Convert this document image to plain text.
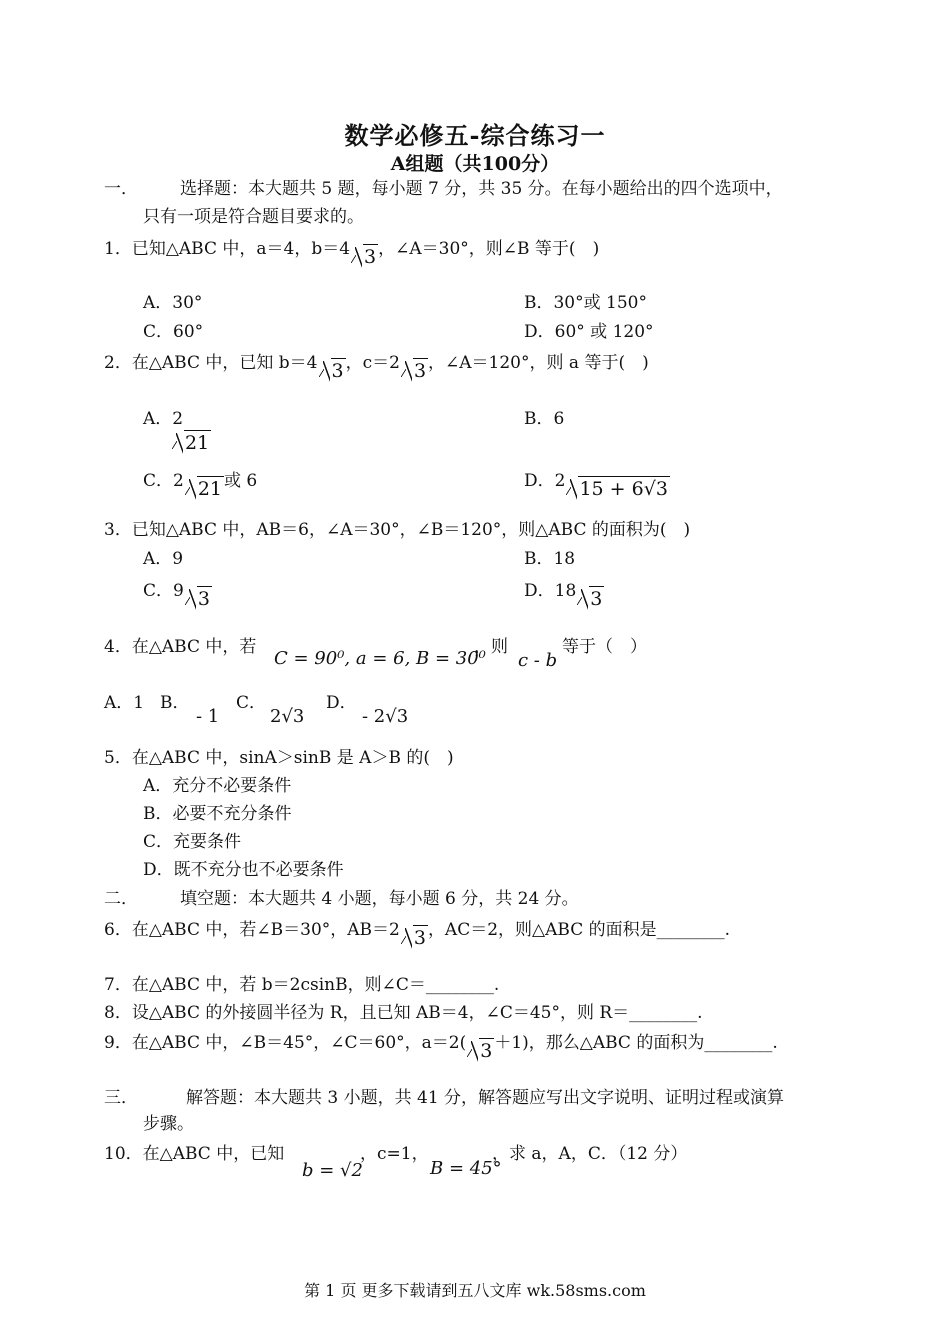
数学必修五-综合练习一
A组题（共100分）
一． 选择题：本大题共 5 题，每小题 7 分，共 35 分。在每小题给出的四个选项中，
只有一项是符合题目要求的。
1．已知△ABC 中，a＝4，b＝4 3 ，∠A＝30°，则∠B 等于(　)
A．30°	B．30°或 150°
C．60°	D．60° 或 120°
2．在△ABC 中，已知 b＝4 3 ，c＝2 3 ，∠A＝120°，则 a 等于(　)
A．2
21
B．6
C．2 21 或 6	D．2 15 + 6√3
3．已知△ABC 中，AB＝6，∠A＝30°，∠B＝120°，则△ABC 的面积为(　)
A．9	B．18
C．9 3	D．18 3
4．在△ABC 中，若
C = 90⁰, a = 6, B = 30⁰
，则
c - b
等于（　）
A．1 B．
- 1
C．
2√3
D．
- 2√3
5．在△ABC 中，sinA＞sinB 是 A＞B 的(　)
A．充分不必要条件
B．必要不充分条件
C．充要条件
D．既不充分也不必要条件
二． 填空题：本大题共 4 小题，每小题 6 分，共 24 分。
6．在△ABC 中，若∠B＝30°，AB＝2 3 ，AC＝2，则△ABC 的面积是________.
7．在△ABC 中，若 b＝2csinB，则∠C＝________.
8．设△ABC 的外接圆半径为 R，且已知 AB＝4，∠C＝45°，则 R＝________.
9．在△ABC 中，∠B＝45°，∠C＝60°，a＝2( 3 ＋1)，那么△ABC 的面积为________.
三．	解答题：本大题共 3 小题，共 41 分，解答题应写出文字说明、证明过程或演算
步骤。
10．在△ABC 中，已知
b = √2
，c=1，
B = 45°
，求 a，A，C．（12 分）
第 1 页 更多下载请到五八文库 wk.58sms.com
